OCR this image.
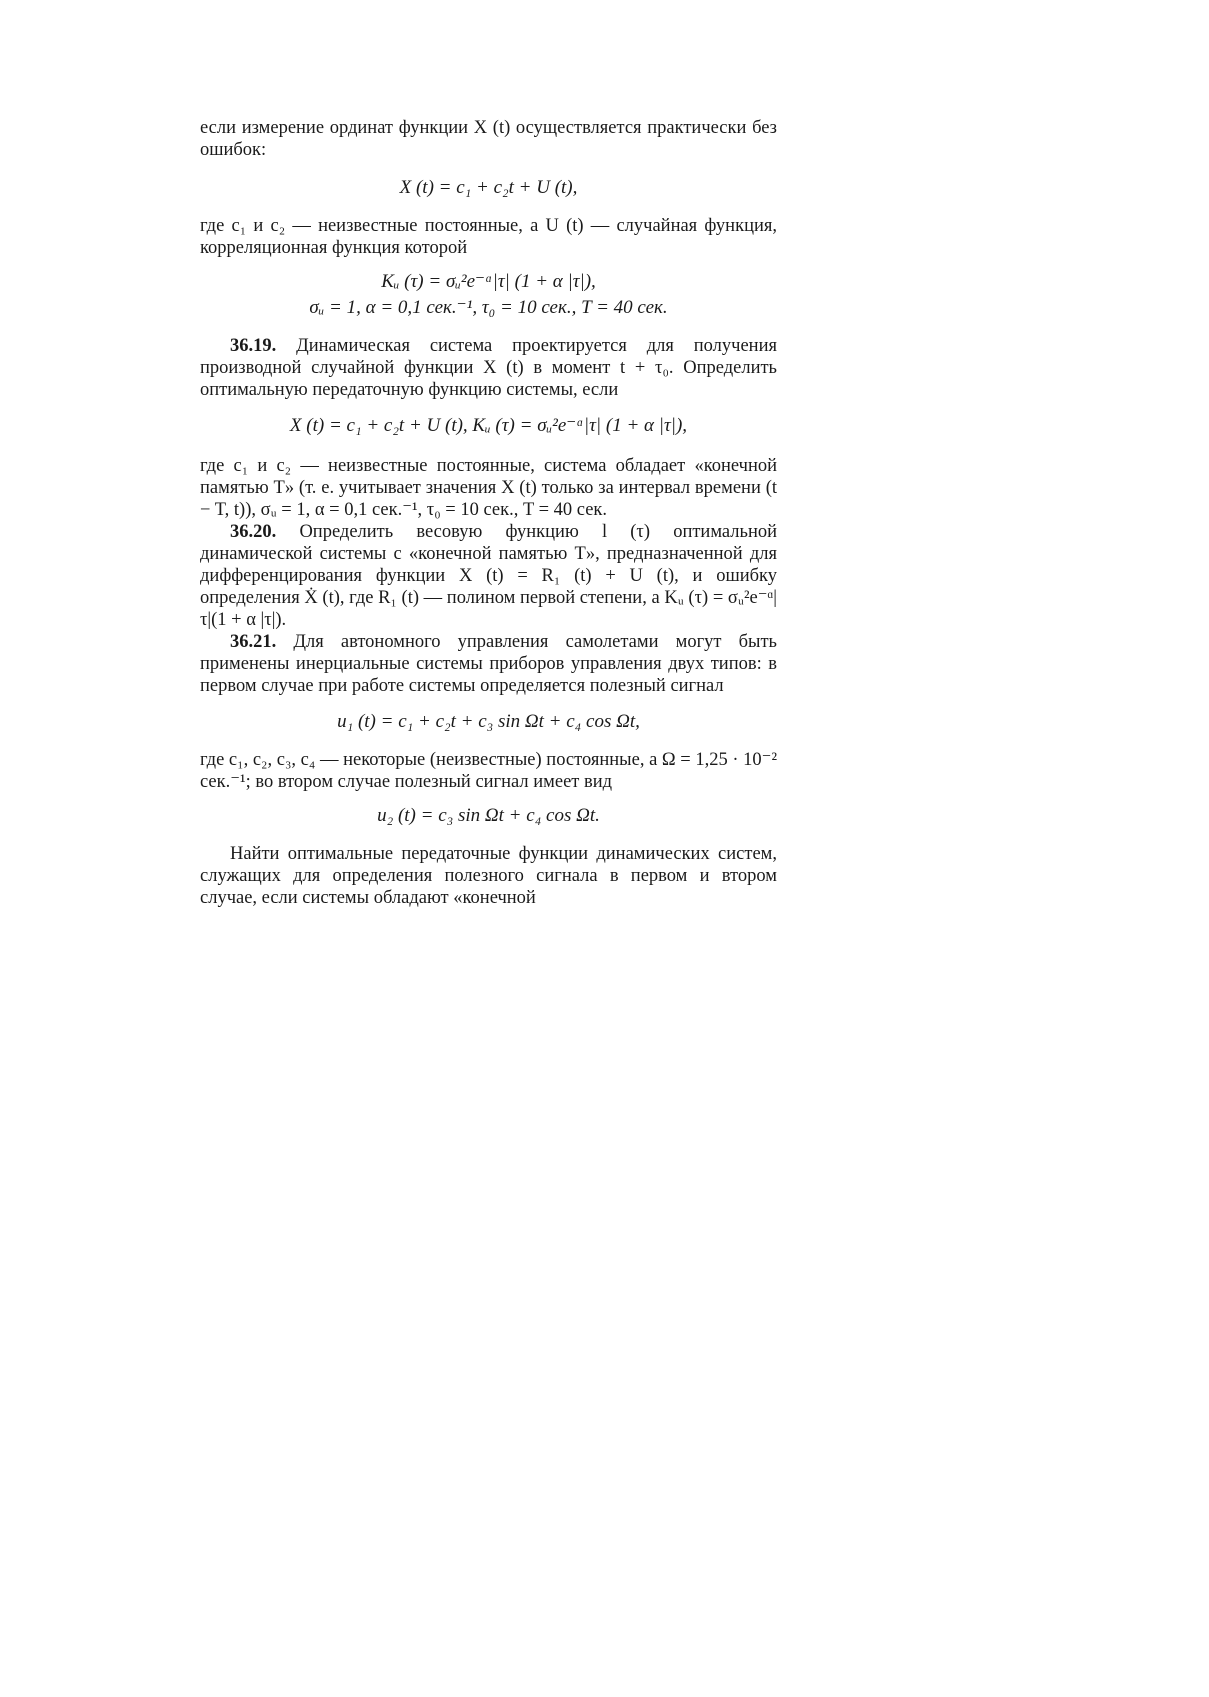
если измерение ординат функции X (t) осуществляется практически без ошибок:

X (t) = c₁ + c₂t + U (t),

где c₁ и c₂ — неизвестные постоянные, а U (t) — случайная функция, корреляционная функция которой

Kᵤ (τ) = σᵤ²e⁻ᵅ|τ| (1 + α |τ|),

σᵤ = 1, α = 0,1 сек.⁻¹, τ₀ = 10 сек., T = 40 сек.

36.19. Динамическая система проектируется для получения производной случайной функции X (t) в момент t + τ₀. Определить оптимальную передаточную функцию системы, если

X (t) = c₁ + c₂t + U (t), Kᵤ (τ) = σᵤ²e⁻ᵅ|τ| (1 + α |τ|),

где c₁ и c₂ — неизвестные постоянные, система обладает «конечной памятью T» (т. е. учитывает значения X (t) только за интервал времени (t − T, t)), σᵤ = 1, α = 0,1 сек.⁻¹, τ₀ = 10 сек., T = 40 сек.

36.20. Определить весовую функцию l (τ) оптимальной динамической системы с «конечной памятью T», предназначенной для дифференцирования функции X (t) = R₁ (t) + U (t), и ошибку определения Ẋ (t), где R₁ (t) — полином первой степени, а Kᵤ (τ) = σᵤ²e⁻ᵅ|τ|(1 + α |τ|).

36.21. Для автономного управления самолетами могут быть применены инерциальные системы приборов управления двух типов: в первом случае при работе системы определяется полезный сигнал

u₁ (t) = c₁ + c₂t + c₃ sin Ωt + c₄ cos Ωt,

где c₁, c₂, c₃, c₄ — некоторые (неизвестные) постоянные, а Ω = 1,25 · 10⁻² сек.⁻¹; во втором случае полезный сигнал имеет вид

u₂ (t) = c₃ sin Ωt + c₄ cos Ωt.

Найти оптимальные передаточные функции динамических систем, служащих для определения полезного сигнала в первом и втором случае, если системы обладают «конечной
